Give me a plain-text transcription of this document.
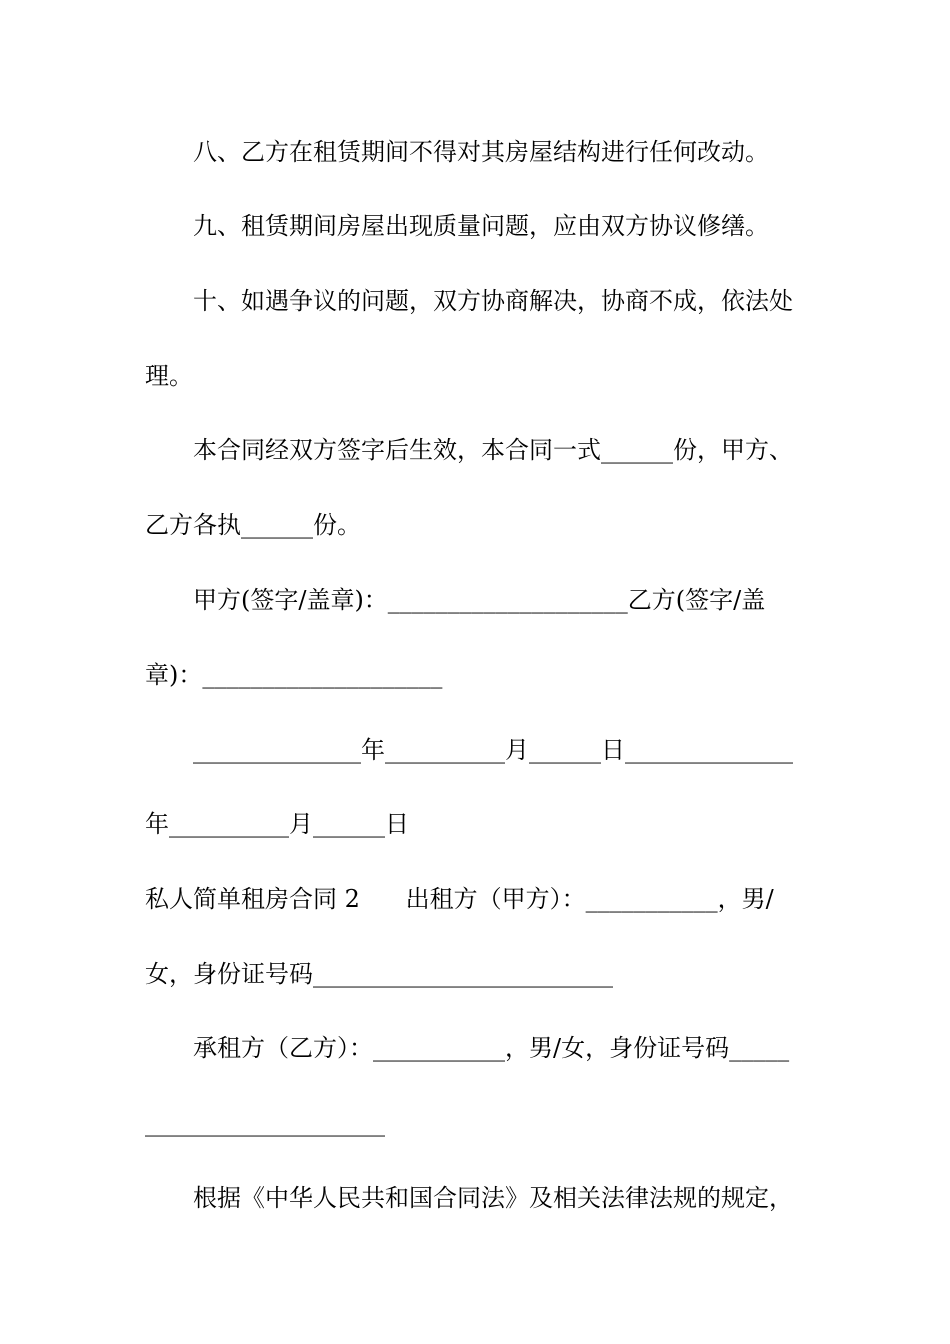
八、乙方在租赁期间不得对其房屋结构进行任何改动。
九、租赁期间房屋出现质量问题，应由双方协议修缮。
十、如遇争议的问题，双方协商解决，协商不成，依法处
理。
本合同经双方签字后生效，本合同一式______份，甲方、
乙方各执______份。
甲方(签字/盖章)：____________________乙方(签字/盖
章)：____________________
______________年__________月______日______________
年__________月______日
私人简单租房合同 2      出租方（甲方）：___________，男/
女，身份证号码_________________________
承租方（乙方）：___________，男/女，身份证号码_____
____________________
根据《中华人民共和国合同法》及相关法律法规的规定，
